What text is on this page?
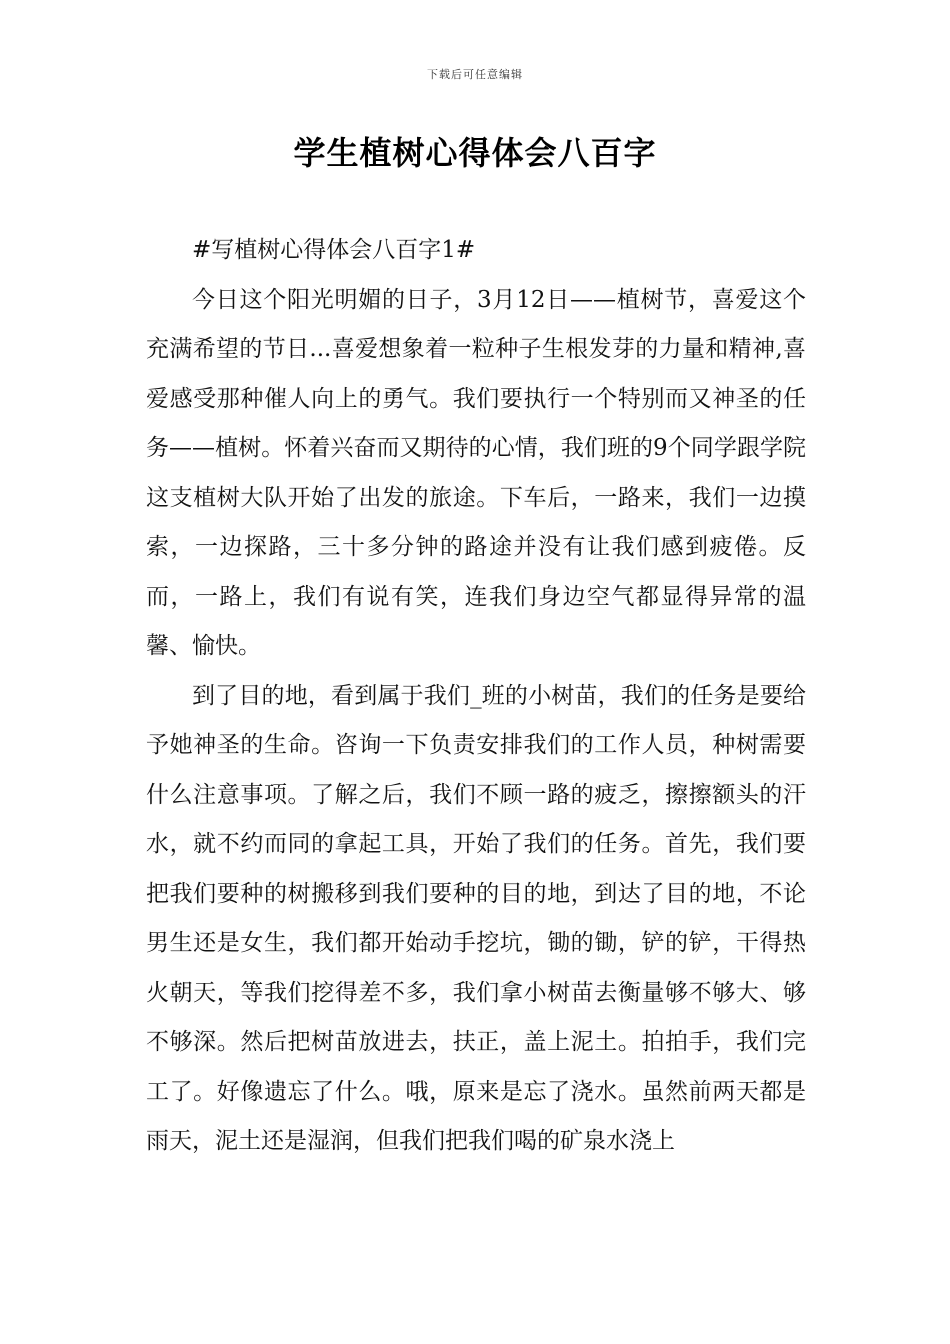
下载后可任意编辑
学生植树心得体会八百字

#写植树心得体会八百字1#

今日这个阳光明媚的日子，3月12日——植树节，喜爱这个充满希望的节日...喜爱想象着一粒种子生根发芽的力量和精神,喜爱感受那种催人向上的勇气。我们要执行一个特别而又神圣的任务——植树。怀着兴奋而又期待的心情，我们班的9个同学跟学院这支植树大队开始了出发的旅途。下车后，一路来，我们一边摸索，一边探路，三十多分钟的路途并没有让我们感到疲倦。反而，一路上，我们有说有笑，连我们身边空气都显得异常的温馨、愉快。

到了目的地，看到属于我们_班的小树苗，我们的任务是要给予她神圣的生命。咨询一下负责安排我们的工作人员，种树需要什么注意事项。了解之后，我们不顾一路的疲乏，擦擦额头的汗水，就不约而同的拿起工具，开始了我们的任务。首先，我们要把我们要种的树搬移到我们要种的目的地，到达了目的地，不论男生还是女生，我们都开始动手挖坑，锄的锄，铲的铲，干得热火朝天，等我们挖得差不多，我们拿小树苗去衡量够不够大、够不够深。然后把树苗放进去，扶正，盖上泥土。拍拍手，我们完工了。好像遗忘了什么。哦，原来是忘了浇水。虽然前两天都是雨天，泥土还是湿润，但我们把我们喝的矿泉水浇上
